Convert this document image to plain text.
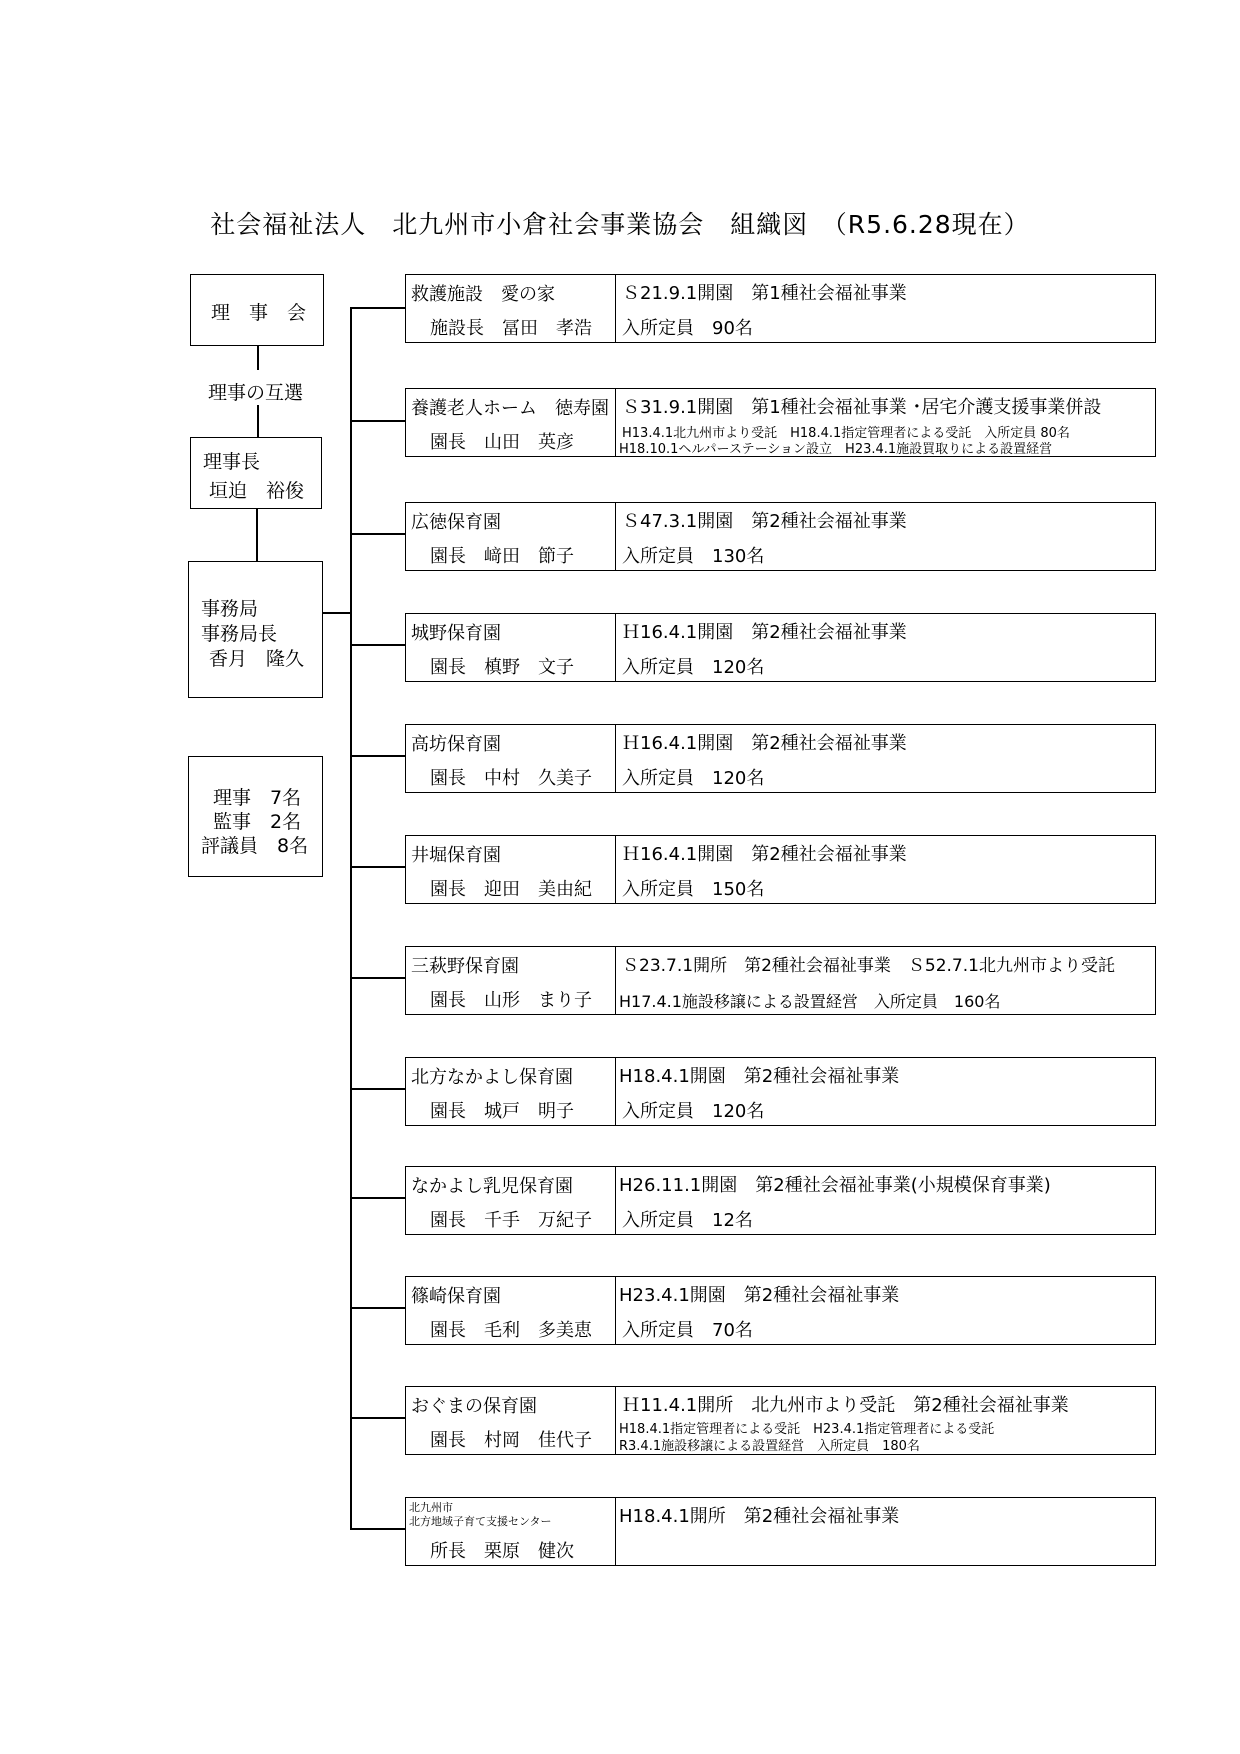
社会福祉法人　北九州市小倉社会事業協会　組織図　（R5.6.28現在）
理　事　会
理事の互選
理事長
垣迫　裕俊
事務局
事務局長
香月　隆久
理事　7名
監事　2名
評議員　8名
救護施設　愛の家
施設長　冨田　孝浩
Ｓ21.9.1開園　第1種社会福祉事業
入所定員　90名
養護老人ホーム　徳寿園
園長　山田　英彦
Ｓ31.9.1開園　第1種社会福祉事業 ･居宅介護支援事業併設
H13.4.1北九州市より受託　H18.4.1指定管理者による受託　入所定員 80名
H18.10.1ヘルパーステーション設立　H23.4.1施設買取りによる設置経営
広徳保育園
園長　﨑田　節子
Ｓ47.3.1開園　第2種社会福祉事業
入所定員　130名
城野保育園
園長　槙野　文子
Ｈ16.4.1開園　第2種社会福祉事業
入所定員　120名
高坊保育園
園長　中村　久美子
Ｈ16.4.1開園　第2種社会福祉事業
入所定員　120名
井堀保育園
園長　迎田　美由紀
Ｈ16.4.1開園　第2種社会福祉事業
入所定員　150名
三萩野保育園
園長　山形　まり子
Ｓ23.7.1開所　第2種社会福祉事業　Ｓ52.7.1北九州市より受託
H17.4.1施設移譲による設置経営　入所定員　160名
北方なかよし保育園
園長　城戸　明子
H18.4.1開園　第2種社会福祉事業
入所定員　120名
なかよし乳児保育園
園長　千手　万紀子
H26.11.1開園　第2種社会福祉事業(小規模保育事業)
入所定員　12名
篠崎保育園
園長　毛利　多美恵
H23.4.1開園　第2種社会福祉事業
入所定員　70名
おぐまの保育園
園長　村岡　佳代子
Ｈ11.4.1開所　北九州市より受託　第2種社会福祉事業
H18.4.1指定管理者による受託　H23.4.1指定管理者による受託
R3.4.1施設移譲による設置経営　入所定員　180名
北九州市
北方地域子育て支援センター
所長　栗原　健次
H18.4.1開所　第2種社会福祉事業
